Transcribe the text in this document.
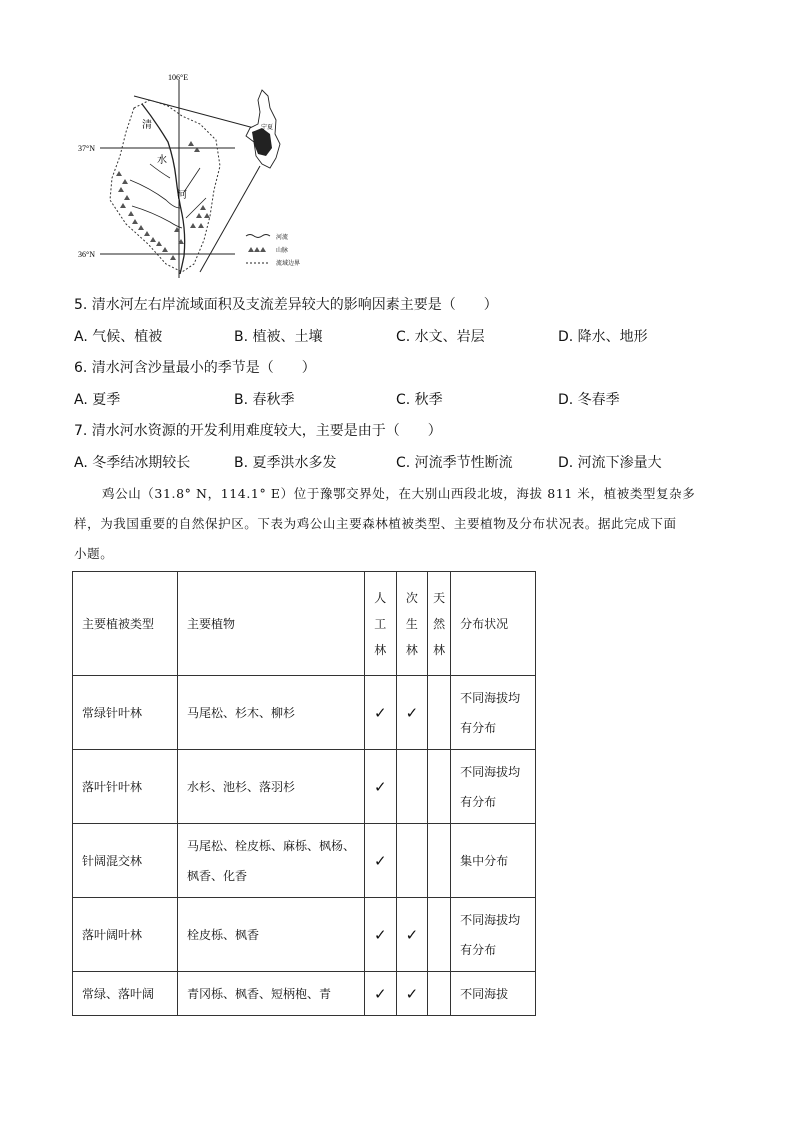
106°E
37°N
36°N
宁夏
清
水
河
河流
山脉
流域边界
5. 清水河左右岸流域面积及支流差异较大的影响因素主要是（　　）
A. 气候、植被	B. 植被、土壤	C. 水文、岩层	D. 降水、地形
6. 清水河含沙量最小的季节是（　　）
A. 夏季	B. 春秋季	C. 秋季	D. 冬春季
7. 清水河水资源的开发利用难度较大，主要是由于（　　）
A. 冬季结冰期较长	B. 夏季洪水多发	C. 河流季节性断流	D. 河流下渗量大
鸡公山（31.8° N，114.1° E）位于豫鄂交界处，在大别山西段北坡，海拔 811 米，植被类型复杂多
样，为我国重要的自然保护区。下表为鸡公山主要森林植被类型、主要植物及分布状况表。据此完成下面
小题。
主要植被类型	主要植物	人工林	次生林	天然林	分布状况
常绿针叶林	马尾松、杉木、柳杉	✓	✓		不同海拔均有分布
落叶针叶林	水杉、池杉、落羽杉	✓			不同海拔均有分布
针阔混交林	马尾松、栓皮栎、麻栎、枫杨、枫香、化香	✓			集中分布
落叶阔叶林	栓皮栎、枫香	✓	✓		不同海拔均有分布
常绿、落叶阔	青冈栎、枫香、短柄枹、青	✓	✓		不同海拔
